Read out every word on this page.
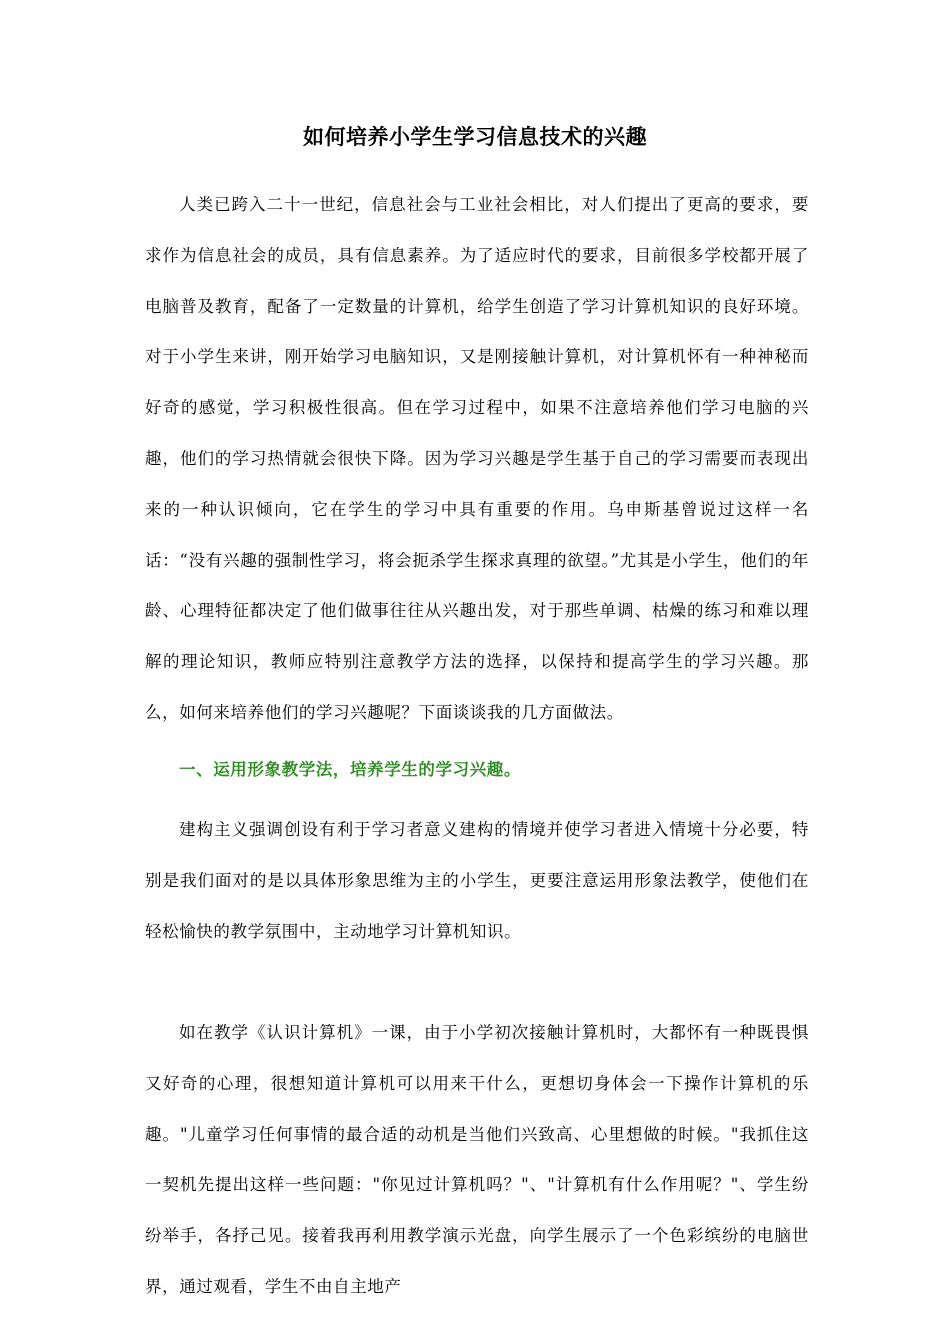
如何培养小学生学习信息技术的兴趣

人类已跨入二十一世纪，信息社会与工业社会相比，对人们提出了更高的要求，要求作为信息社会的成员，具有信息素养。为了适应时代的要求，目前很多学校都开展了电脑普及教育，配备了一定数量的计算机，给学生创造了学习计算机知识的良好环境。对于小学生来讲，刚开始学习电脑知识，又是刚接触计算机，对计算机怀有一种神秘而好奇的感觉，学习积极性很高。但在学习过程中，如果不注意培养他们学习电脑的兴趣，他们的学习热情就会很快下降。因为学习兴趣是学生基于自己的学习需要而表现出来的一种认识倾向，它在学生的学习中具有重要的作用。乌申斯基曾说过这样一名话：“没有兴趣的强制性学习，将会扼杀学生探求真理的欲望。”尤其是小学生，他们的年龄、心理特征都决定了他们做事往往从兴趣出发，对于那些单调、枯燥的练习和难以理解的理论知识，教师应特别注意教学方法的选择，以保持和提高学生的学习兴趣。那么，如何来培养他们的学习兴趣呢？下面谈谈我的几方面做法。

一、运用形象教学法，培养学生的学习兴趣。

建构主义强调创设有利于学习者意义建构的情境并使学习者进入情境十分必要，特别是我们面对的是以具体形象思维为主的小学生，更要注意运用形象法教学，使他们在轻松愉快的教学氛围中，主动地学习计算机知识。

如在教学《认识计算机》一课，由于小学初次接触计算机时，大都怀有一种既畏惧又好奇的心理，很想知道计算机可以用来干什么，更想切身体会一下操作计算机的乐趣。"儿童学习任何事情的最合适的动机是当他们兴致高、心里想做的时候。"我抓住这一契机先提出这样一些问题："你见过计算机吗？"、"计算机有什么作用呢？"、学生纷纷举手，各抒己见。接着我再利用教学演示光盘，向学生展示了一个色彩缤纷的电脑世界，通过观看，学生不由自主地产
